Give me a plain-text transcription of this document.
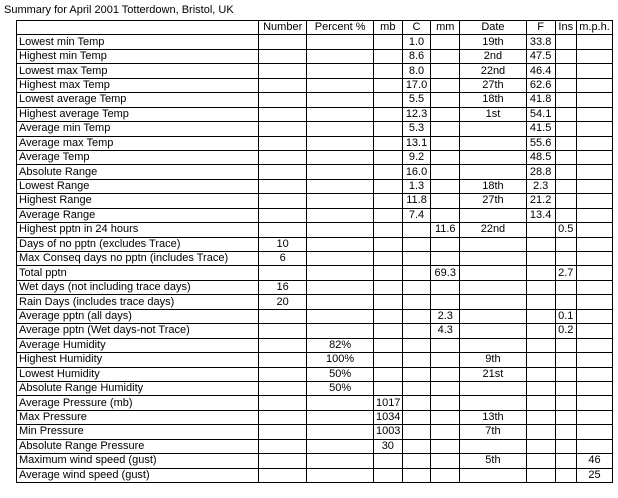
Summary for April 2001 Totterdown, Bristol, UK
	Number	Percent %	mb	C	mm	Date	F	Ins	m.p.h.
Lowest min Temp				1.0		19th	33.8		
Highest min Temp				8.6		2nd	47.5		
Lowest max Temp				8.0		22nd	46.4		
Highest max Temp				17.0		27th	62.6		
Lowest average Temp				5.5		18th	41.8		
Highest average Temp				12.3		1st	54.1		
Average min Temp				5.3			41.5		
Average max Temp				13.1			55.6		
Average Temp				9.2			48.5		
Absolute Range				16.0			28.8		
Lowest Range				1.3		18th	2.3		
Highest Range				11.8		27th	21.2		
Average Range				7.4			13.4		
Highest pptn in 24 hours					11.6	22nd		0.5	
Days of no pptn (excludes Trace)	10								
Max Conseq days no pptn (includes Trace)	6								
Total pptn					69.3			2.7	
Wet days (not including trace days)	16								
Rain Days (includes trace days)	20								
Average pptn (all days)					2.3			0.1	
Average pptn (Wet days-not Trace)					4.3			0.2	
Average Humidity		82%							
Highest Humidity		100%				9th			
Lowest Humidity		50%				21st			
Absolute Range Humidity		50%							
Average Pressure (mb)			1017						
Max Pressure			1034			13th			
Min Pressure			1003			7th			
Absolute Range Pressure			30						
Maximum wind speed (gust)						5th			46
Average wind speed (gust)									25
